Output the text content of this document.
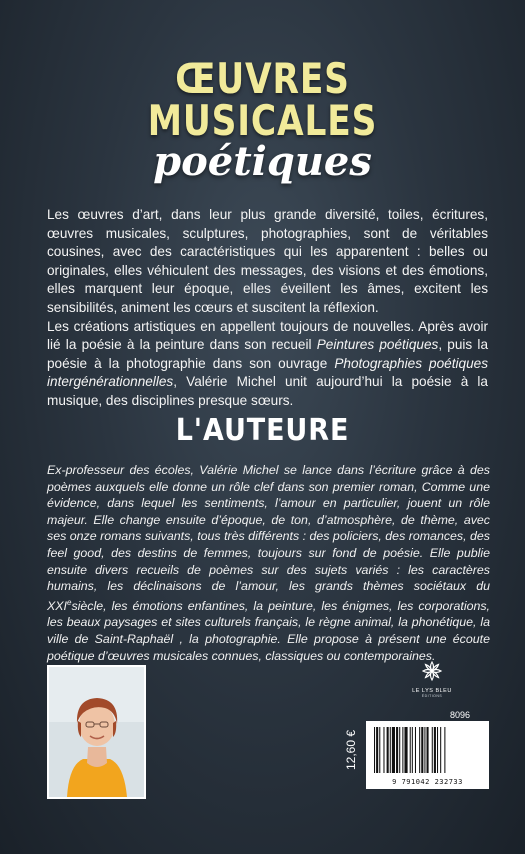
ŒUVRES
MUSICALES
poétiques

Les œuvres d’art, dans leur plus grande diversité, toiles, écritures, œuvres musicales, sculptures, photographies, sont de véritables cousines, avec des caractéristiques qui les apparentent : belles ou originales, elles véhiculent des messages, des visions et des émotions, elles marquent leur époque, elles éveillent les âmes, excitent les sensibilités, animent les cœurs et suscitent la réflexion.

Les créations artistiques en appellent toujours de nouvelles. Après avoir lié la poésie à la peinture dans son recueil Peintures poétiques, puis la poésie à la photographie dans son ouvrage Photographies poétiques intergénérationnelles, Valérie Michel unit aujourd’hui la poésie à la musique, des disciplines presque sœurs.

L'AUTEURE
Ex-professeur des écoles, Valérie Michel se lance dans l’écriture grâce à des poèmes auxquels elle donne un rôle clef dans son premier roman, Comme une évidence, dans lequel les sentiments, l’amour en particulier, jouent un rôle majeur. Elle change ensuite d’époque, de ton, d’atmosphère, de thème, avec ses onze romans suivants, tous très différents : des policiers, des romances, des feel good, des destins de femmes, toujours sur fond de poésie. Elle publie ensuite divers recueils de poèmes sur des sujets variés : les caractères humains, les déclinaisons de l’amour, les grands thèmes sociétaux du XXIesiècle, les émotions enfantines, la peinture, les énigmes, les corporations, les beaux paysages et sites culturels français, le règne animal, la phonétique, la ville de Saint-Raphaël , la photographie. Elle propose à présent une écoute poétique d’œuvres musicales connues, classiques ou contemporaines.
LE LYS BLEU
ÉDITIONS
8096
12,60 €
9 791042 232733
